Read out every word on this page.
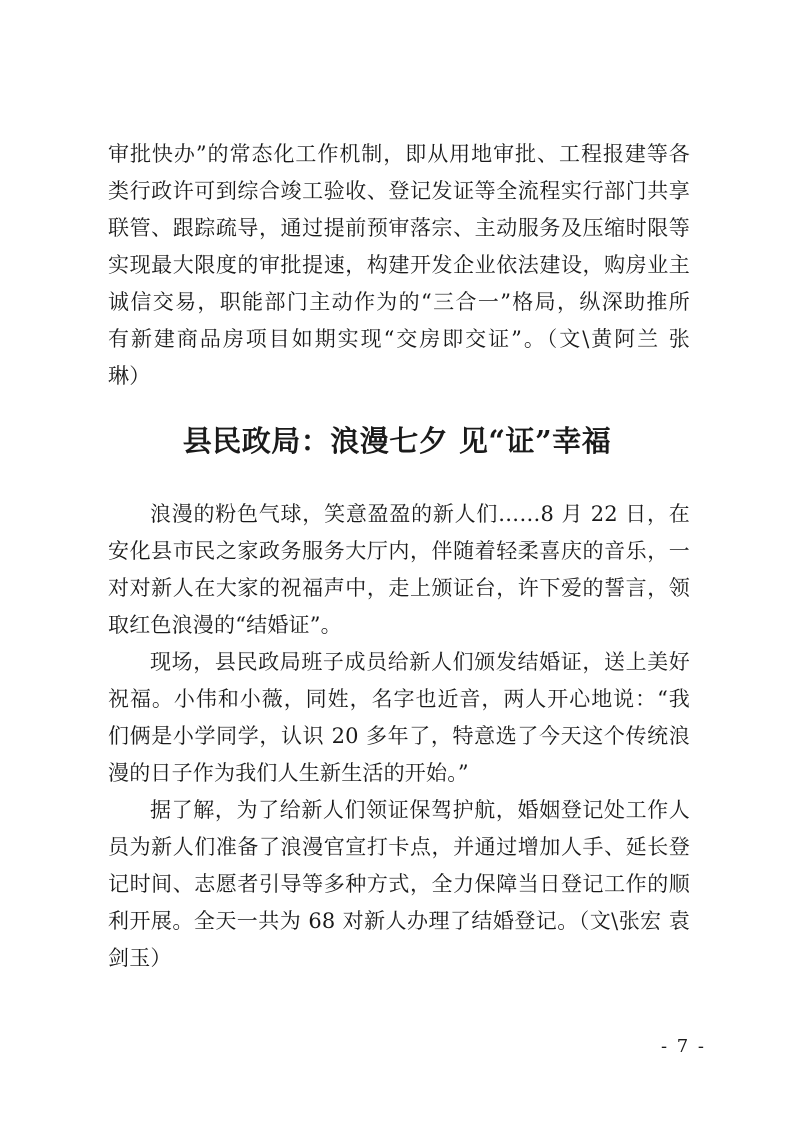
审批快办”的常态化工作机制，即从用地审批、工程报建等各
类行政许可到综合竣工验收、登记发证等全流程实行部门共享
联管、跟踪疏导，通过提前预审落宗、主动服务及压缩时限等
实现最大限度的审批提速，构建开发企业依法建设，购房业主
诚信交易，职能部门主动作为的“三合一”格局，纵深助推所
有新建商品房项目如期实现“交房即交证”。（文\黄阿兰 张
琳）
县民政局：浪漫七夕 见“证”幸福
浪漫的粉色气球，笑意盈盈的新人们……8 月 22 日，在
安化县市民之家政务服务大厅内，伴随着轻柔喜庆的音乐，一
对对新人在大家的祝福声中，走上颁证台，许下爱的誓言，领
取红色浪漫的“结婚证”。
现场，县民政局班子成员给新人们颁发结婚证，送上美好
祝福。小伟和小薇，同姓，名字也近音，两人开心地说：“我
们俩是小学同学，认识 20 多年了，特意选了今天这个传统浪
漫的日子作为我们人生新生活的开始。”
据了解，为了给新人们领证保驾护航，婚姻登记处工作人
员为新人们准备了浪漫官宣打卡点，并通过增加人手、延长登
记时间、志愿者引导等多种方式，全力保障当日登记工作的顺
利开展。全天一共为 68 对新人办理了结婚登记。（文\张宏 袁
剑玉）
- 7 -
